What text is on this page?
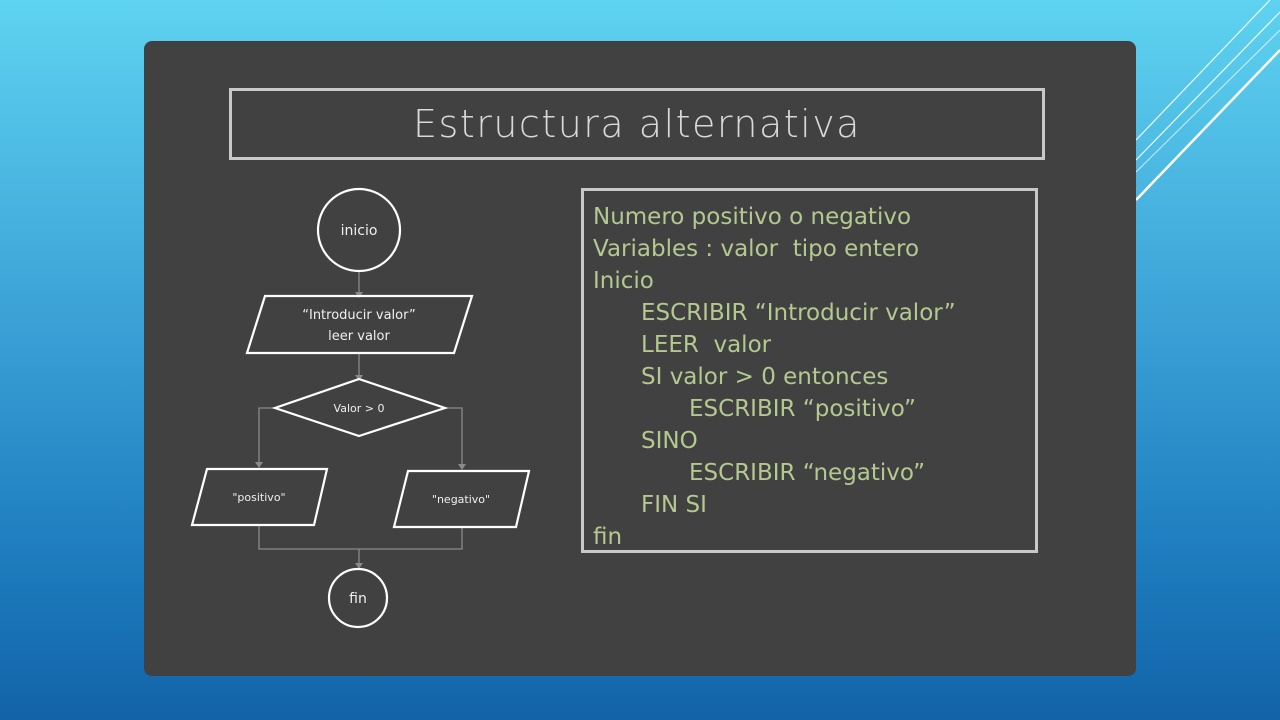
Estructura alternativa
inicio
“Introducir valor”
leer valor
Valor > 0
"positivo"	"negativo"
fin
Numero positivo o negativo
Variables : valor  tipo entero
Inicio
ESCRIBIR “Introducir valor”
LEER  valor
SI valor > 0 entonces
ESCRIBIR “positivo”
SINO
ESCRIBIR “negativo”
FIN SI
fin
